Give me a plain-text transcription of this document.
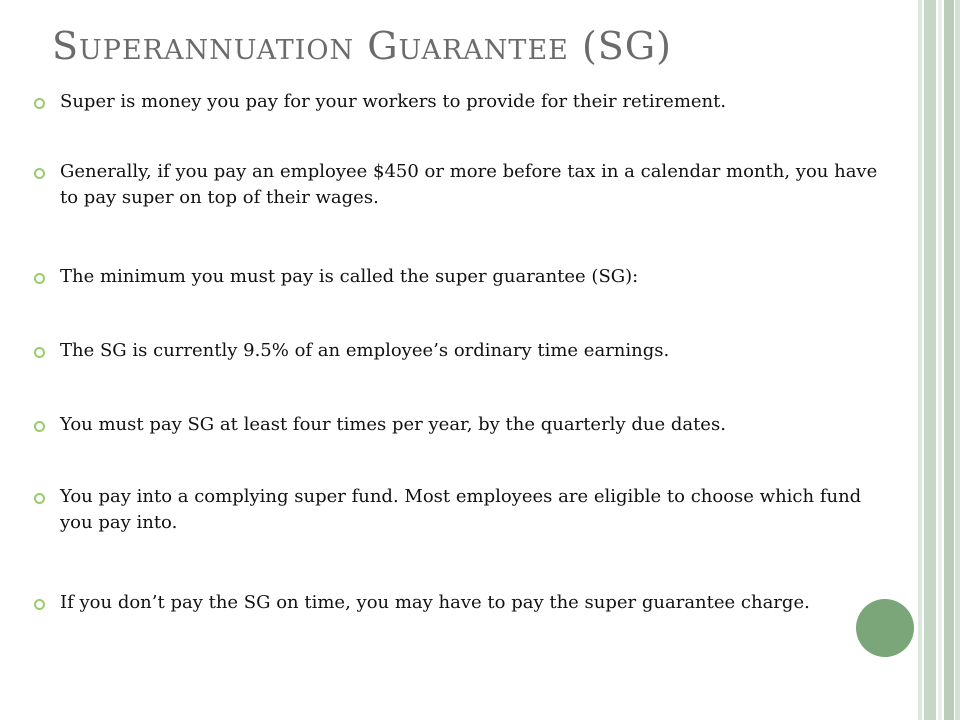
Superannuation Guarantee (SG)
Super is money you pay for your workers to provide for their retirement.
Generally, if you pay an employee $450 or more before tax in a calendar month, you have to pay super on top of their wages.
The minimum you must pay is called the super guarantee (SG):
The SG is currently 9.5% of an employee’s ordinary time earnings.
You must pay SG at least four times per year, by the quarterly due dates.
You pay into a complying super fund. Most employees are eligible to choose which fund you pay into.
If you don’t pay the SG on time, you may have to pay the super guarantee charge.
